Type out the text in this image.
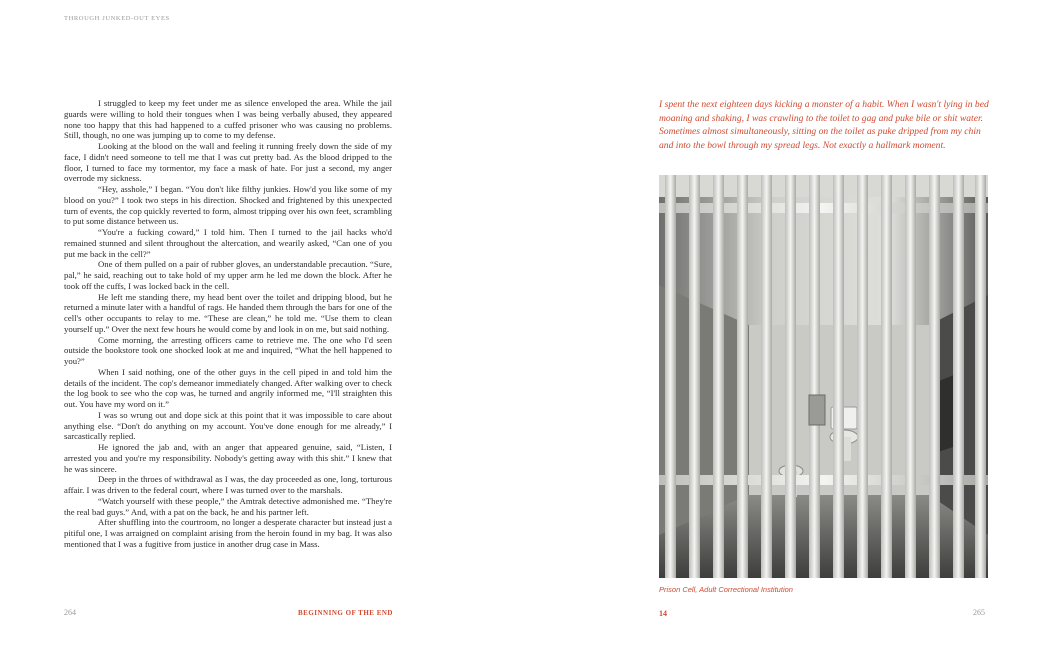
THROUGH JUNKED-OUT EYES

I struggled to keep my feet under me as silence enveloped the area. While the jail guards were willing to hold their tongues when I was being verbally abused, they appeared none too happy that this had happened to a cuffed prisoner who was causing no problems. Still, though, no one was jumping up to come to my defense.

Looking at the blood on the wall and feeling it running freely down the side of my face, I didn't need someone to tell me that I was cut pretty bad. As the blood dripped to the floor, I turned to face my tormentor, my face a mask of hate. For just a second, my anger overrode my sickness.

“Hey, asshole,” I began. “You don't like filthy junkies. How'd you like some of my blood on you?” I took two steps in his direction. Shocked and frightened by this unexpected turn of events, the cop quickly reverted to form, almost tripping over his own feet, scrambling to put some distance between us.

“You're a fucking coward,” I told him. Then I turned to the jail hacks who'd remained stunned and silent throughout the altercation, and wearily asked, “Can one of you put me back in the cell?”

One of them pulled on a pair of rubber gloves, an understandable precaution. “Sure, pal,” he said, reaching out to take hold of my upper arm he led me down the block. After he took off the cuffs, I was locked back in the cell.

He left me standing there, my head bent over the toilet and dripping blood, but he returned a minute later with a handful of rags. He handed them through the bars for one of the cell's other occupants to relay to me. “These are clean,” he told me. “Use them to clean yourself up.” Over the next few hours he would come by and look in on me, but said nothing.

Come morning, the arresting officers came to retrieve me. The one who I'd seen outside the bookstore took one shocked look at me and inquired, “What the hell happened to you?”

When I said nothing, one of the other guys in the cell piped in and told him the details of the incident. The cop's demeanor immediately changed. After walking over to check the log book to see who the cop was, he turned and angrily informed me, “I'll straighten this out. You have my word on it.”

I was so wrung out and dope sick at this point that it was impossible to care about anything else. “Don't do anything on my account. You've done enough for me already,” I sarcastically replied.

He ignored the jab and, with an anger that appeared genuine, said, “Listen, I arrested you and you're my responsibility. Nobody's getting away with this shit.” I knew that he was sincere.

Deep in the throes of withdrawal as I was, the day proceeded as one, long, torturous affair. I was driven to the federal court, where I was turned over to the marshals.

“Watch yourself with these people,” the Amtrak detective admonished me. “They're the real bad guys.” And, with a pat on the back, he and his partner left.

After shuffling into the courtroom, no longer a desperate character but instead just a pitiful one, I was arraigned on complaint arising from the heroin found in my bag. It was also mentioned that I was a fugitive from justice in another drug case in Mass.

264	BEGINNING OF THE END
I spent the next eighteen days kicking a monster of a habit. When I wasn't lying in bed moaning and shaking, I was crawling to the toilet to gag and puke bile or shit water. Sometimes almost simultaneously, sitting on the toilet as puke dripped from my chin and into the bowl through my spread legs. Not exactly a hallmark moment.
Prison Cell, Adult Correctional Institution
14	265
